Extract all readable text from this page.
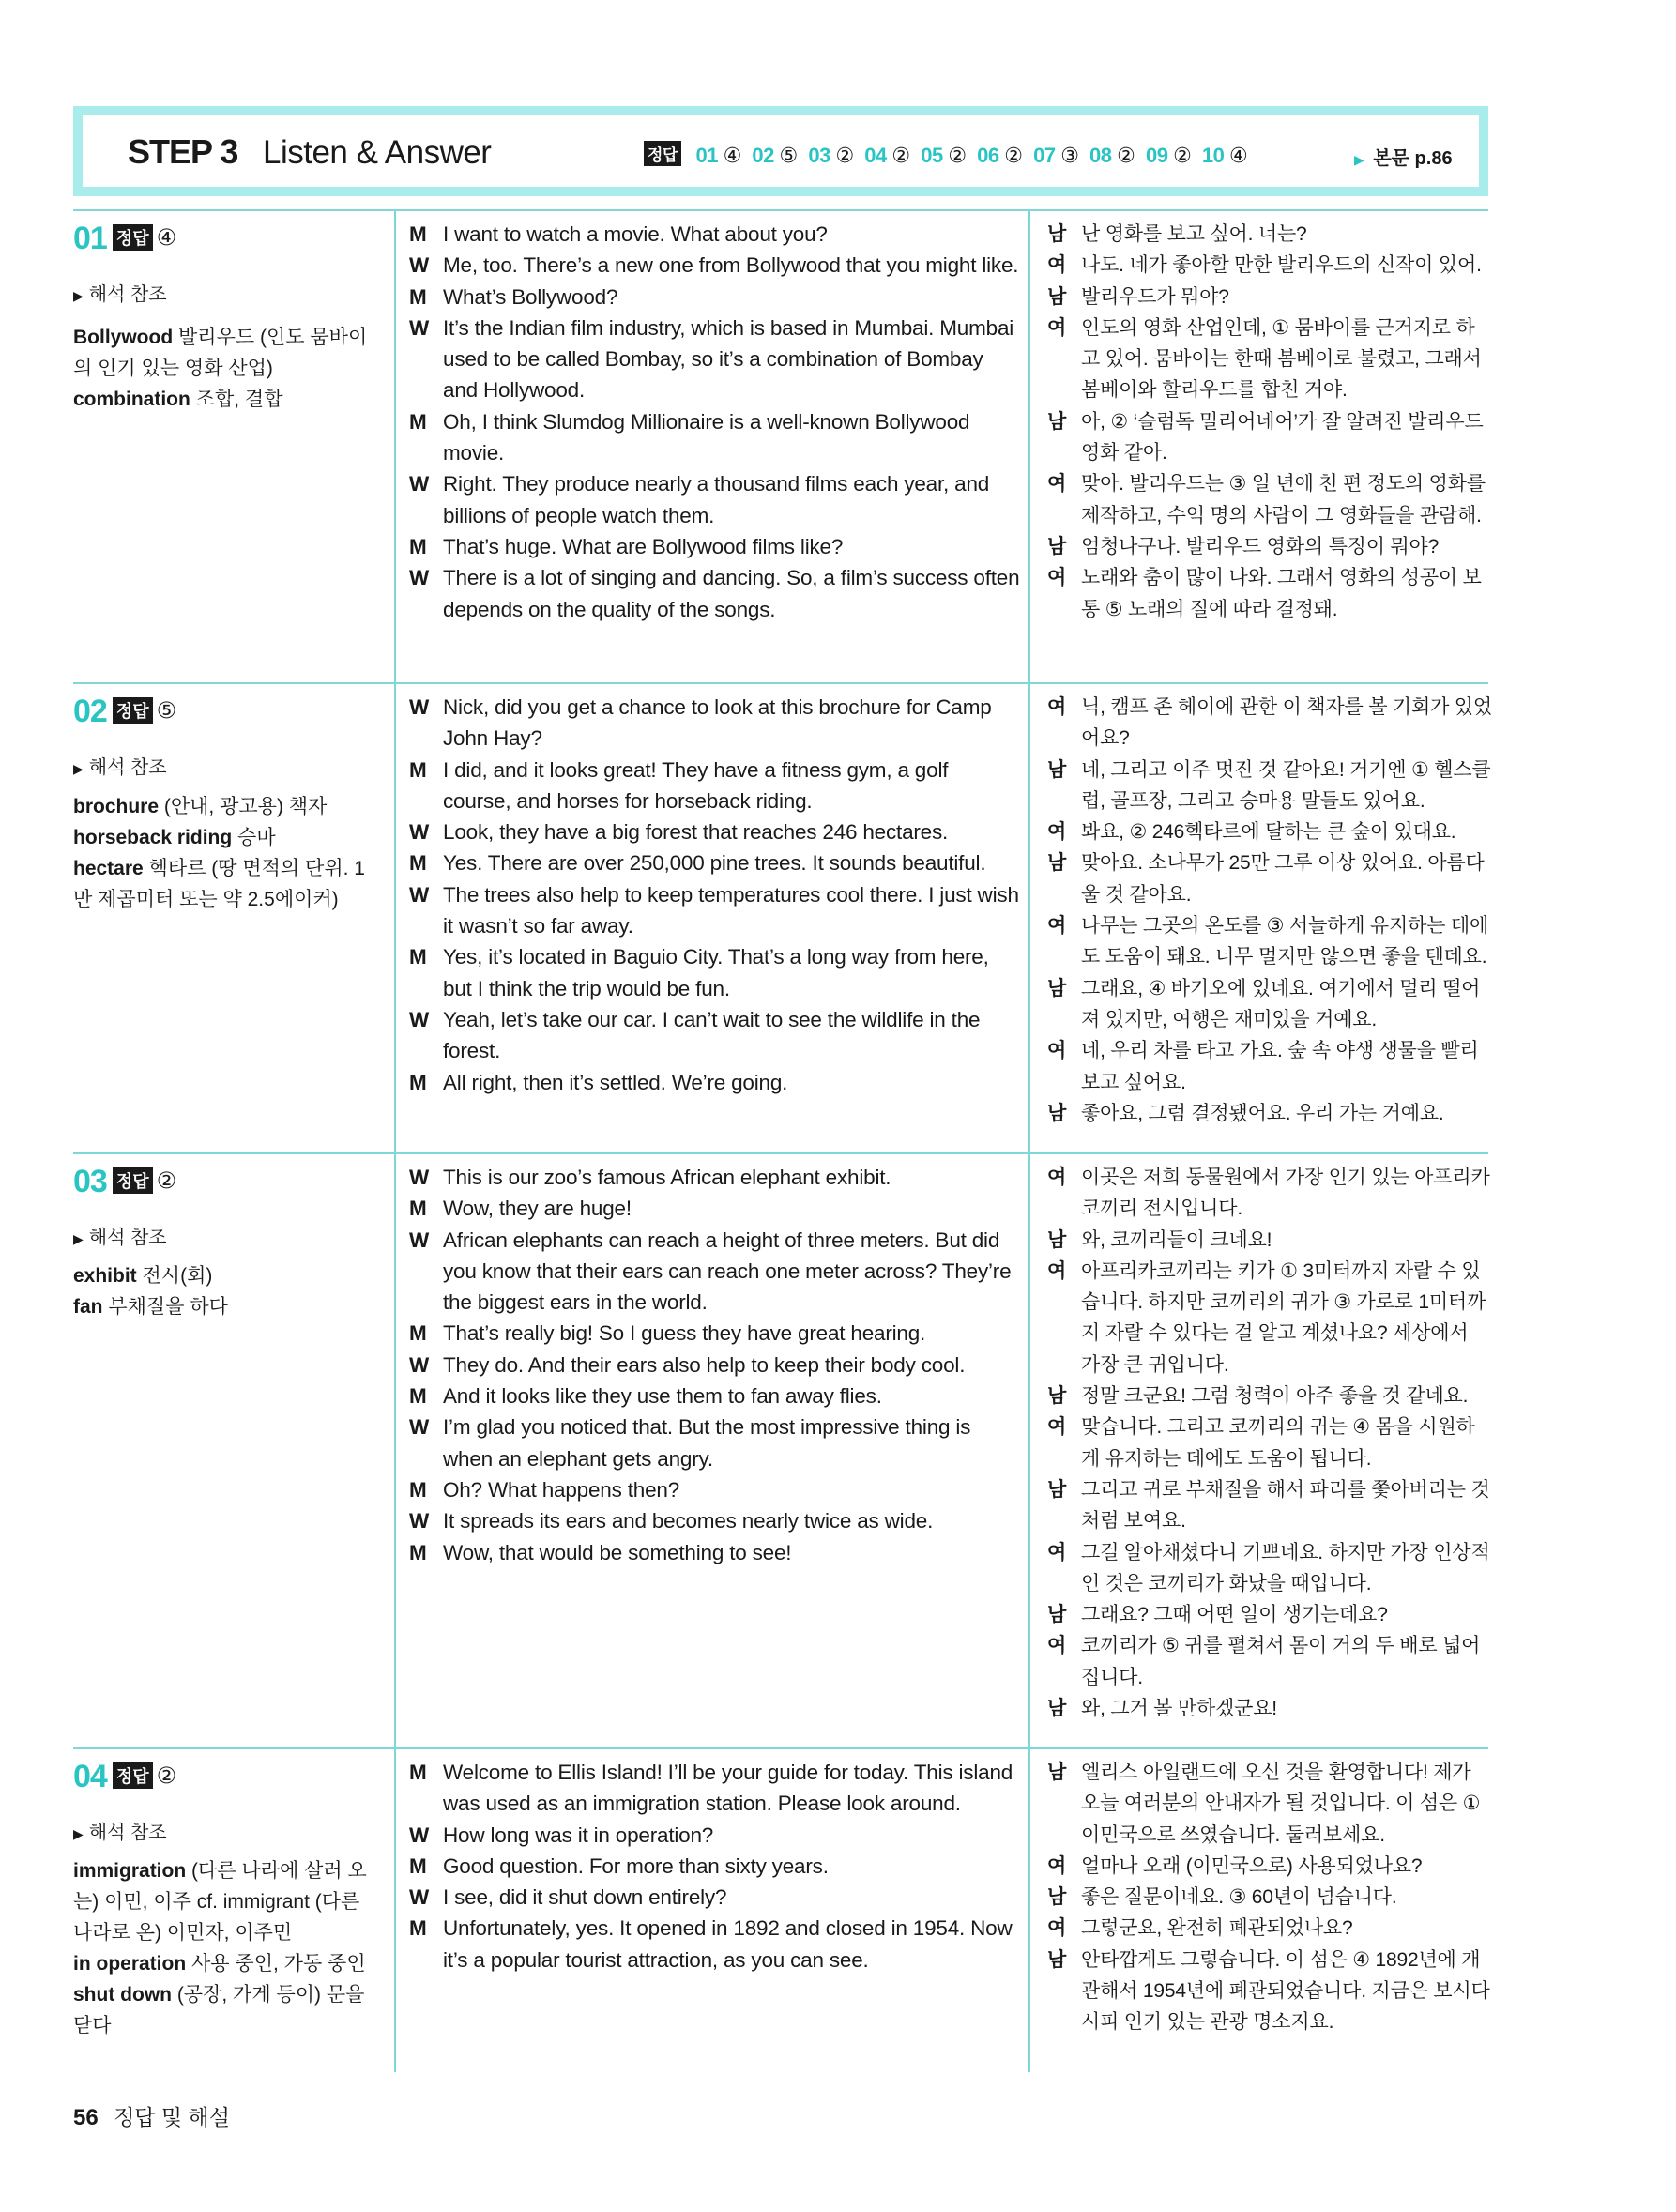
STEP 3 Listen & Answer	정답 01 ④ 02 ⑤ 03 ② 04 ② 05 ② 06 ② 07 ③ 08 ② 09 ② 10 ④	▶ 본문 p.86
01 정답 ④
▶ 해석 참조
Bollywood 발리우드 (인도 뭄바이의 인기 있는 영화 산업)
combination 조합, 결합
M I want to watch a movie. What about you?
W Me, too. There’s a new one from Bollywood that you might like.
M What’s Bollywood?
W It’s the Indian film industry, which is based in Mumbai. Mumbai used to be called Bombay, so it’s a combination of Bombay and Hollywood.
M Oh, I think Slumdog Millionaire is a well-known Bollywood movie.
W Right. They produce nearly a thousand films each year, and billions of people watch them.
M That’s huge. What are Bollywood films like?
W There is a lot of singing and dancing. So, a film’s success often depends on the quality of the songs.
남 난 영화를 보고 싶어. 너는?
여 나도. 네가 좋아할 만한 발리우드의 신작이 있어.
남 발리우드가 뭐야?
여 인도의 영화 산업인데, ① 뭄바이를 근거지로 하고 있어. 뭄바이는 한때 봄베이로 불렸고, 그래서 봄베이와 할리우드를 합친 거야.
남 아, ② ‘슬럼독 밀리어네어’가 잘 알려진 발리우드 영화 같아.
여 맞아. 발리우드는 ③ 일 년에 천 편 정도의 영화를 제작하고, 수억 명의 사람이 그 영화들을 관람해.
남 엄청나구나. 발리우드 영화의 특징이 뭐야?
여 노래와 춤이 많이 나와. 그래서 영화의 성공이 보통 ⑤ 노래의 질에 따라 결정돼.
02 정답 ⑤
▶ 해석 참조
brochure (안내, 광고용) 책자
horseback riding 승마
hectare 헥타르 (땅 면적의 단위. 1만 제곱미터 또는 약 2.5에이커)
W Nick, did you get a chance to look at this brochure for Camp John Hay?
M I did, and it looks great! They have a fitness gym, a golf course, and horses for horseback riding.
W Look, they have a big forest that reaches 246 hectares.
M Yes. There are over 250,000 pine trees. It sounds beautiful.
W The trees also help to keep temperatures cool there. I just wish it wasn’t so far away.
M Yes, it’s located in Baguio City. That’s a long way from here, but I think the trip would be fun.
W Yeah, let’s take our car. I can’t wait to see the wildlife in the forest.
M All right, then it’s settled. We’re going.
여 닉, 캠프 존 헤이에 관한 이 책자를 볼 기회가 있었어요?
남 네, 그리고 이주 멋진 것 같아요! 거기엔 ① 헬스클럽, 골프장, 그리고 승마용 말들도 있어요.
여 봐요, ② 246헥타르에 달하는 큰 숲이 있대요.
남 맞아요. 소나무가 25만 그루 이상 있어요. 아름다울 것 같아요.
여 나무는 그곳의 온도를 ③ 서늘하게 유지하는 데에도 도움이 돼요. 너무 멀지만 않으면 좋을 텐데요.
남 그래요, ④ 바기오에 있네요. 여기에서 멀리 떨어져 있지만, 여행은 재미있을 거예요.
여 네, 우리 차를 타고 가요. 숲 속 야생 생물을 빨리 보고 싶어요.
남 좋아요, 그럼 결정됐어요. 우리 가는 거예요.
03 정답 ②
▶ 해석 참조
exhibit 전시(회)
fan 부채질을 하다
W This is our zoo’s famous African elephant exhibit.
M Wow, they are huge!
W African elephants can reach a height of three meters. But did you know that their ears can reach one meter across? They’re the biggest ears in the world.
M That’s really big! So I guess they have great hearing.
W They do. And their ears also help to keep their body cool.
M And it looks like they use them to fan away flies.
W I’m glad you noticed that. But the most impressive thing is when an elephant gets angry.
M Oh? What happens then?
W It spreads its ears and becomes nearly twice as wide.
M Wow, that would be something to see!
여 이곳은 저희 동물원에서 가장 인기 있는 아프리카 코끼리 전시입니다.
남 와, 코끼리들이 크네요!
여 아프리카코끼리는 키가 ① 3미터까지 자랄 수 있습니다. 하지만 코끼리의 귀가 ③ 가로로 1미터까지 자랄 수 있다는 걸 알고 계셨나요? 세상에서 가장 큰 귀입니다.
남 정말 크군요! 그럼 청력이 아주 좋을 것 같네요.
여 맞습니다. 그리고 코끼리의 귀는 ④ 몸을 시원하게 유지하는 데에도 도움이 됩니다.
남 그리고 귀로 부채질을 해서 파리를 쫓아버리는 것처럼 보여요.
여 그걸 알아채셨다니 기쁘네요. 하지만 가장 인상적인 것은 코끼리가 화났을 때입니다.
남 그래요? 그때 어떤 일이 생기는데요?
여 코끼리가 ⑤ 귀를 펼쳐서 몸이 거의 두 배로 넓어집니다.
남 와, 그거 볼 만하겠군요!
04 정답 ②
▶ 해석 참조
immigration (다른 나라에 살러 오는) 이민, 이주 cf. immigrant (다른 나라로 온) 이민자, 이주민
in operation 사용 중인, 가동 중인
shut down (공장, 가게 등이) 문을 닫다
M Welcome to Ellis Island! I’ll be your guide for today. This island was used as an immigration station. Please look around.
W How long was it in operation?
M Good question. For more than sixty years.
W I see, did it shut down entirely?
M Unfortunately, yes. It opened in 1892 and closed in 1954. Now it’s a popular tourist attraction, as you can see.
남 엘리스 아일랜드에 오신 것을 환영합니다! 제가 오늘 여러분의 안내자가 될 것입니다. 이 섬은 ① 이민국으로 쓰였습니다. 둘러보세요.
여 얼마나 오래 (이민국으로) 사용되었나요?
남 좋은 질문이네요. ③ 60년이 넘습니다.
여 그렇군요, 완전히 폐관되었나요?
남 안타깝게도 그렇습니다. 이 섬은 ④ 1892년에 개관해서 1954년에 폐관되었습니다. 지금은 보시다시피 인기 있는 관광 명소지요.
56 정답 및 해설
